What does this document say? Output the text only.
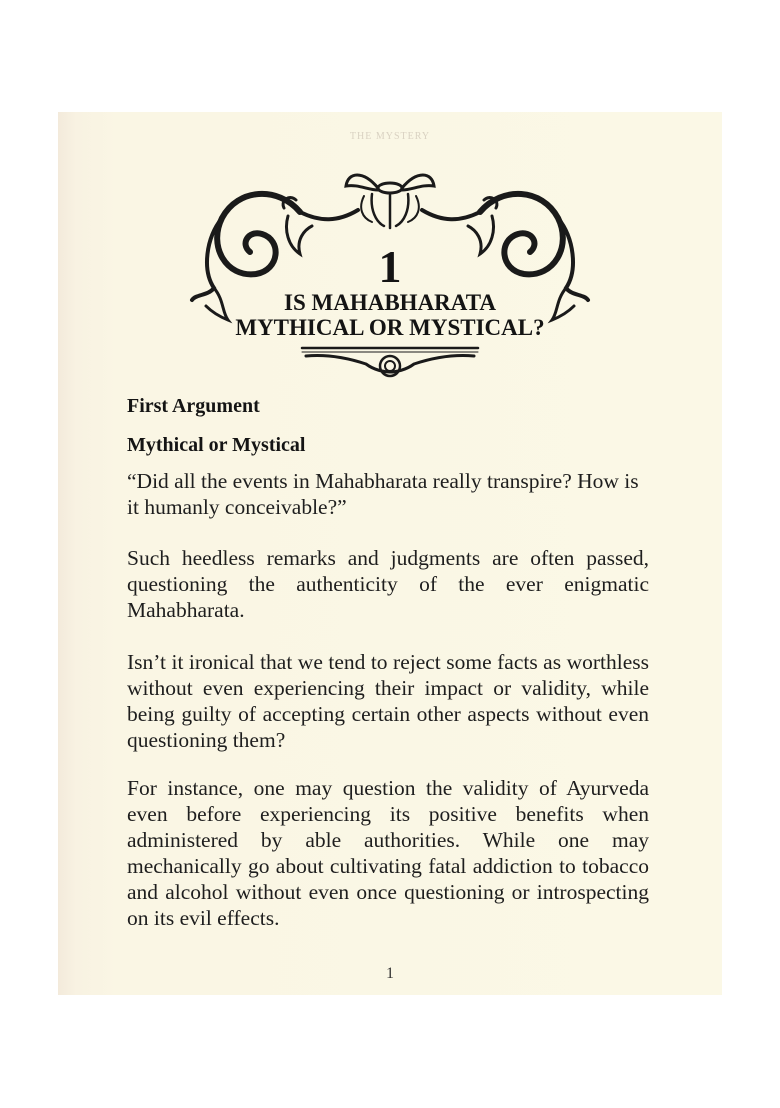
THE MYSTERY
1
IS MAHABHARATA
MYTHICAL OR MYSTICAL?
First Argument
Mythical or Mystical
“Did all the events in Mahabharata really transpire? How is it humanly conceivable?”
Such heedless remarks and judgments are often passed, questioning the authenticity of the ever enigmatic Mahabharata.
Isn’t it ironical that we tend to reject some facts as worthless without even experiencing their impact or validity, while being guilty of accepting certain other aspects without even questioning them?
For instance, one may question the validity of Ayurveda even before experiencing its positive benefits when administered by able authorities. While one may mechanically go about cultivating fatal addiction to tobacco and alcohol without even once questioning or introspecting on its evil effects.
1
